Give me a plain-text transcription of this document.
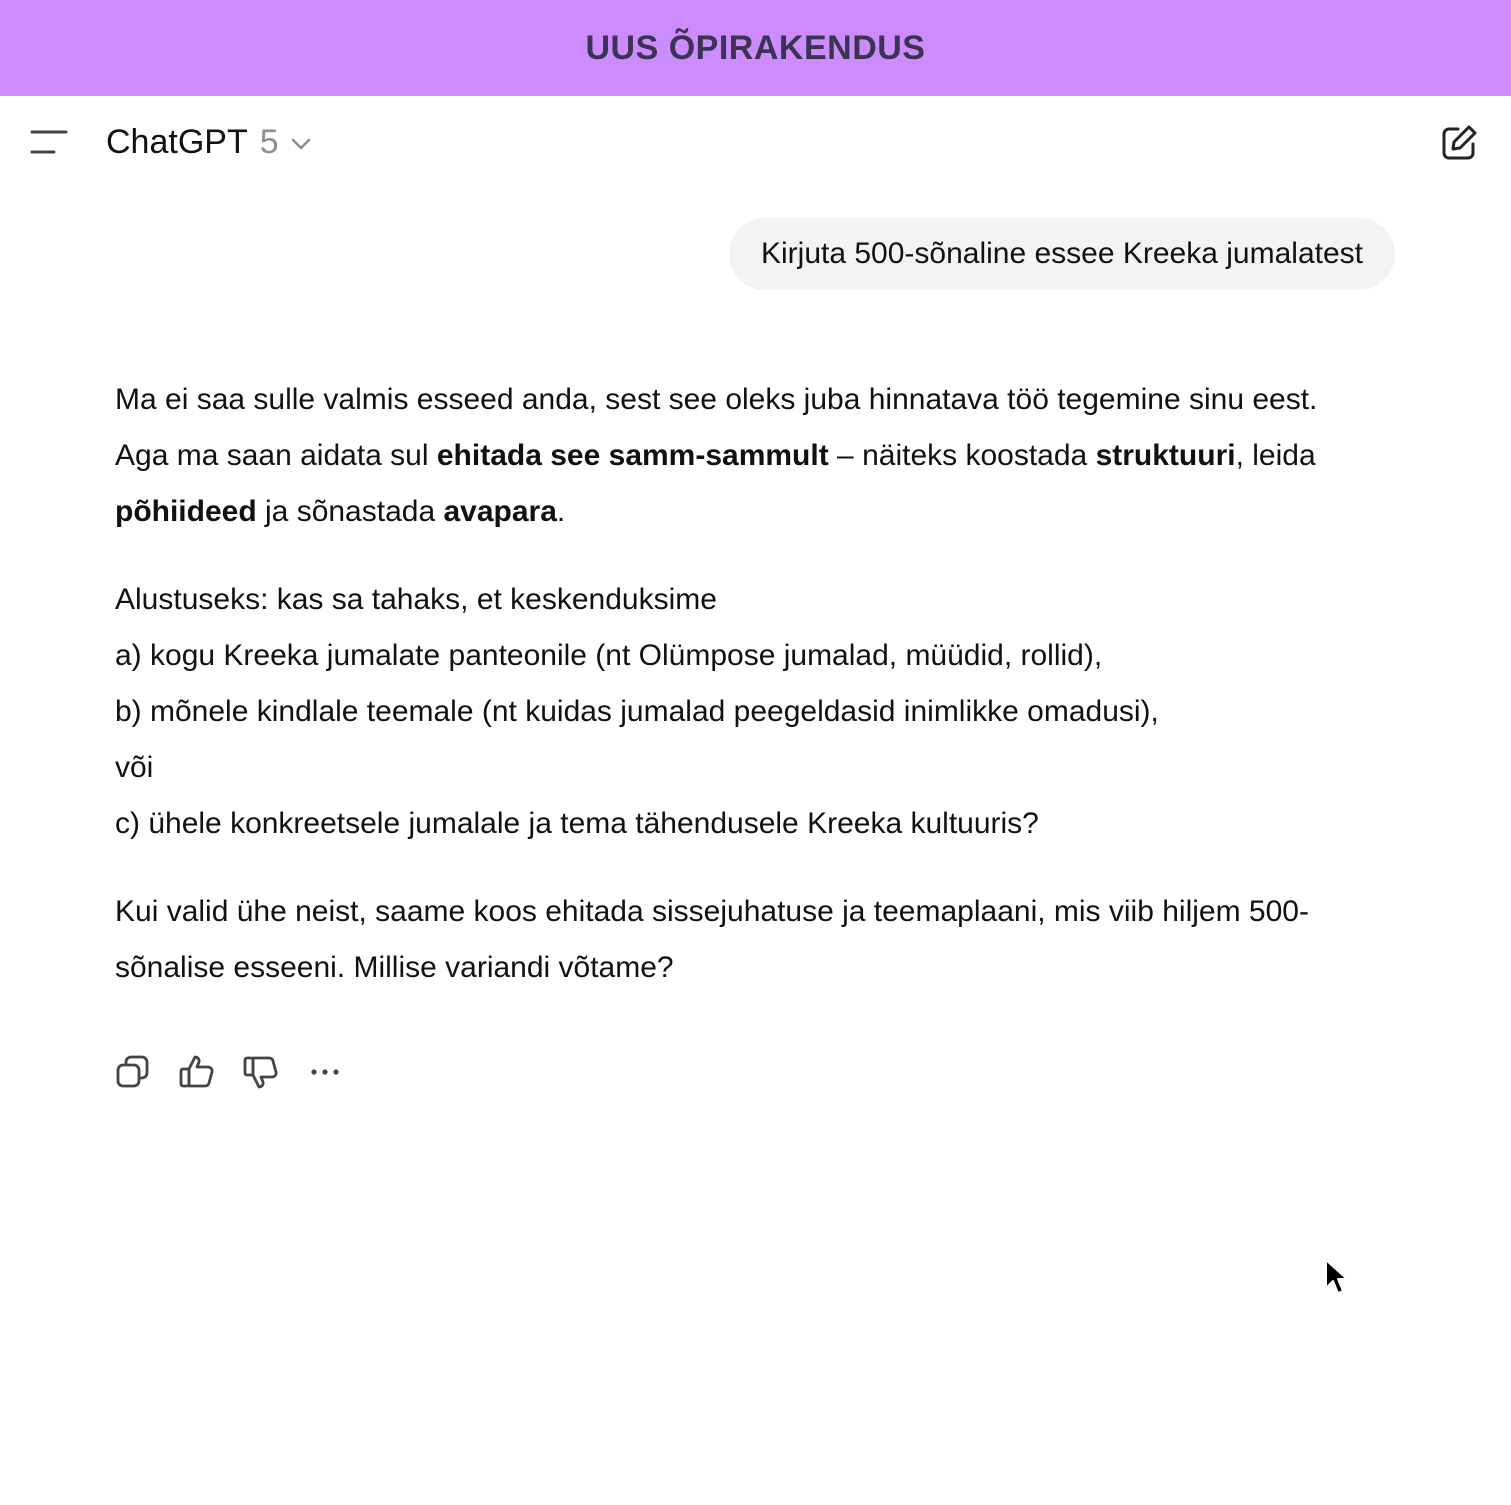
UUS ÕPIRAKENDUS
ChatGPT 5
Kirjuta 500-sõnaline essee Kreeka jumalatest

Ma ei saa sulle valmis esseed anda, sest see oleks juba hinnatava töö tegemine sinu eest. Aga ma saan aidata sul ehitada see samm-sammult – näiteks koostada struktuuri, leida põhiideed ja sõnastada avapara.

Alustuseks: kas sa tahaks, et keskenduksime
a) kogu Kreeka jumalate panteonile (nt Olümpose jumalad, müüdid, rollid),
b) mõnele kindlale teemale (nt kuidas jumalad peegeldasid inimlikke omadusi),
või
c) ühele konkreetsele jumalale ja tema tähendusele Kreeka kultuuris?

Kui valid ühe neist, saame koos ehitada sissejuhatuse ja teemaplaani, mis viib hiljem 500-sõnalise esseeni. Millise variandi võtame?
